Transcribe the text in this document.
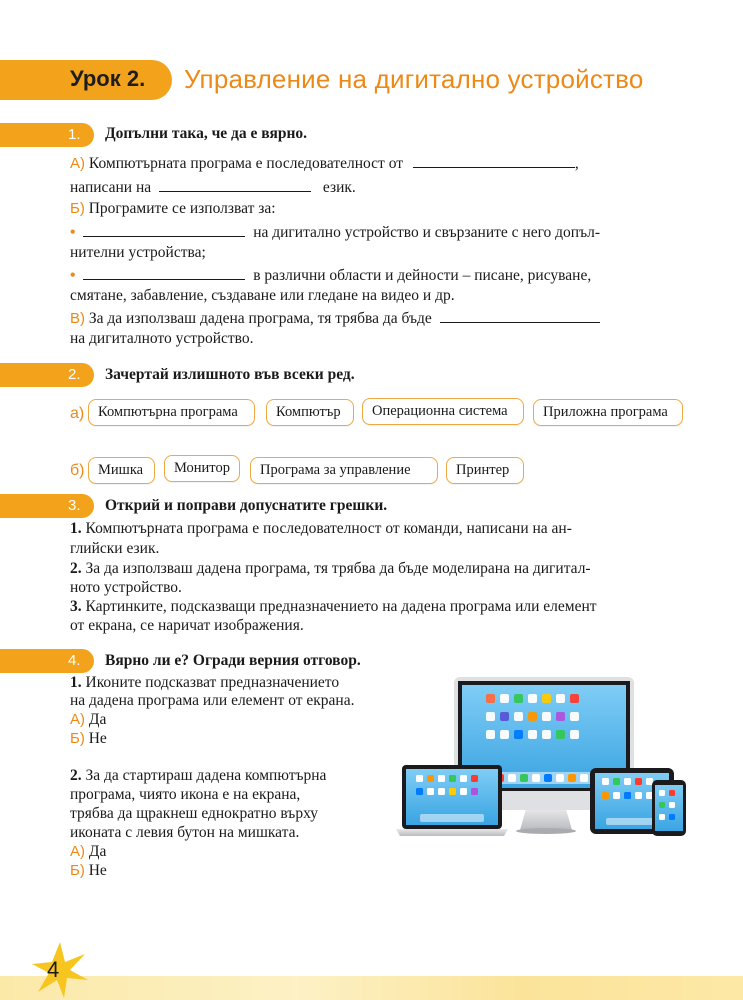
Урок 2. Управление на дигитално устройство
1. Допълни така, че да е вярно.
А) Компютърната програма е последователност от	,
написани на	език.
Б) Програмите се използват за:
•	на дигитално устройство и свързаните с него допъл-
нителни устройства;
•	в различни области и дейности – писане, рисуване,
смятане, забавление, създаване или гледане на видео и др.
В) За да използваш дадена програма, тя трябва да бъде
на дигиталното устройство.
2. Зачертай излишното във всеки ред.
а) Компютърна програма	Компютър	Операционна система	Приложна програма
б) Мишка	Монитор	Програма за управление	Принтер
3. Открий и поправи допуснатите грешки.
1. Компютърната програма е последователност от команди, написани на ан-
глийски език.
2. За да използваш дадена програма, тя трябва да бъде моделирана на дигитал-
ното устройство.
3. Картинките, подсказващи предназначението на дадена програма или елемент
от екрана, се наричат изображения.
4. Вярно ли е? Огради верния отговор.
1. Иконите подсказват предназначението
на дадена програма или елемент от екрана.
А) Да
Б) Не
2. За да стартираш дадена компютърна
програма, чиято икона е на екрана,
трябва да щракнеш еднократно върху
иконата с левия бутон на мишката.
А) Да
Б) Не
4
